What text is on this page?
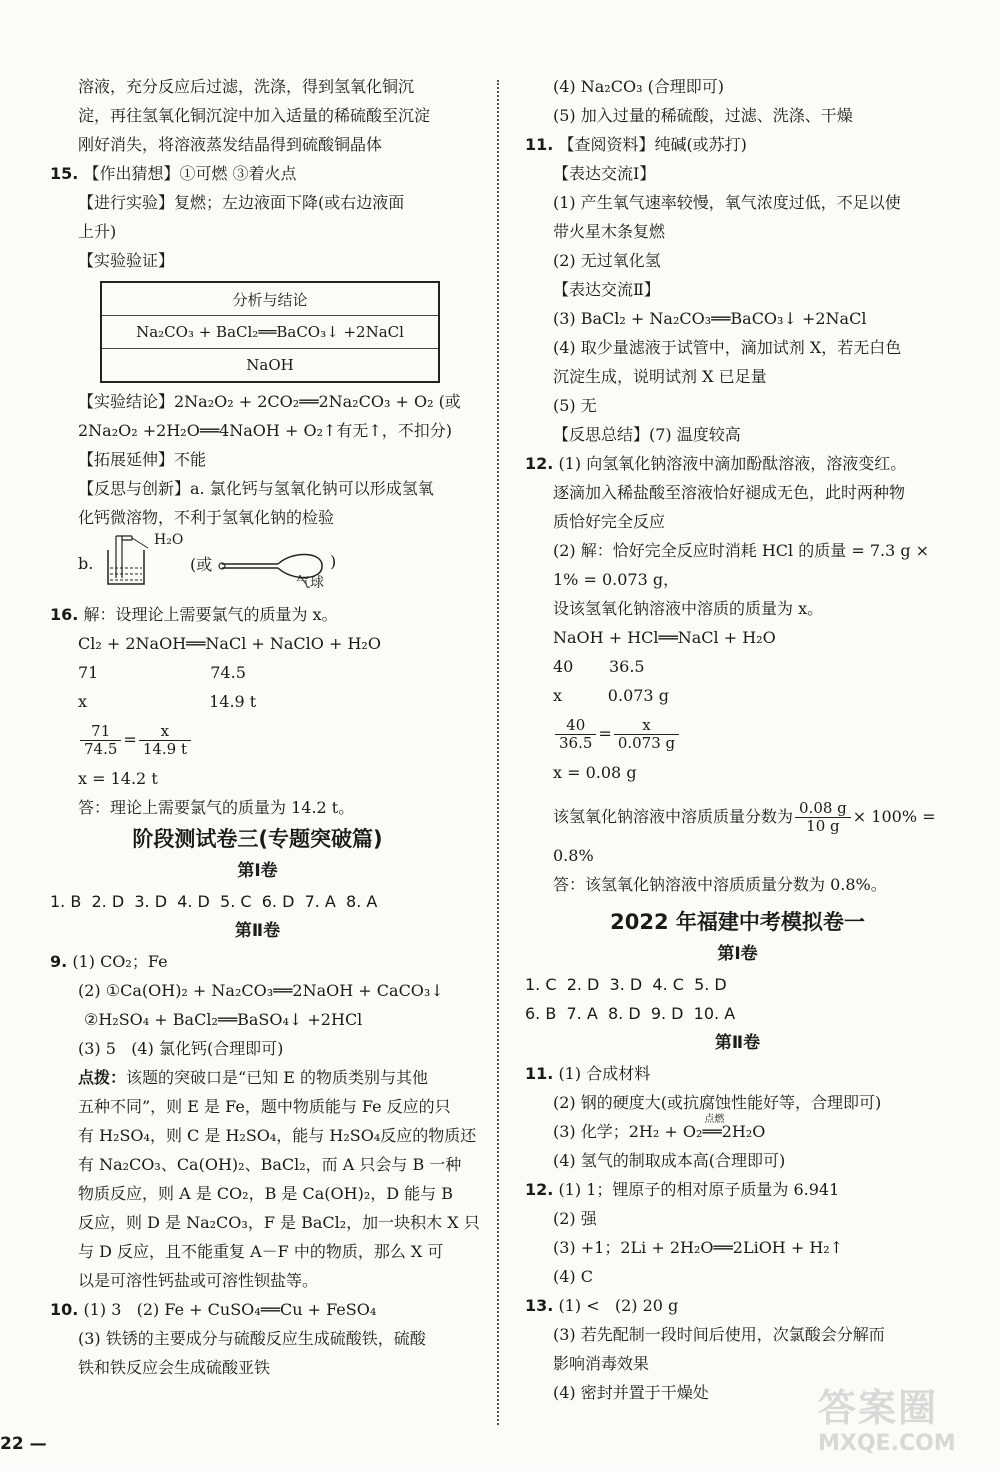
溶液，充分反应后过滤，洗涤，得到氢氧化铜沉
淀，再往氢氧化铜沉淀中加入适量的稀硫酸至沉淀
刚好消失，将溶液蒸发结晶得到硫酸铜晶体
15. 【作出猜想】①可燃 ③着火点
【进行实验】复燃；左边液面下降(或右边液面
上升)
【实验验证】
分析与结论
Na₂CO₃ + BaCl₂══BaCO₃↓ +2NaCl
NaOH
【实验结论】2Na₂O₂ + 2CO₂══2Na₂CO₃ + O₂ (或
2Na₂O₂ +2H₂O══4NaOH + O₂↑有无↑，不扣分)
【拓展延伸】不能
【反思与创新】a. 氯化钙与氢氧化钠可以形成氢氧
化钙微溶物，不利于氢氧化钠的检验
b.
H₂O
(或	)
气球
16. 解：设理论上需要氯气的质量为 x。
Cl₂ + 2NaOH══NaCl + NaClO + H₂O
71                      74.5
x                        14.9 t
$\frac{71}{74.5} = \frac{x}{14.9 t}$
x = 14.2 t
答：理论上需要氯气的质量为 14.2 t。
阶段测试卷三(专题突破篇)
第Ⅰ卷
1. B  2. D  3. D  4. D  5. C  6. D  7. A  8. A
第Ⅱ卷
9. (1) CO₂；Fe
(2) ①Ca(OH)₂ + Na₂CO₃══2NaOH + CaCO₃↓
②H₂SO₄ + BaCl₂══BaSO₄↓ +2HCl
(3) 5   (4) 氯化钙(合理即可)
点拨：该题的突破口是“已知 E 的物质类别与其他
五种不同”，则 E 是 Fe，题中物质能与 Fe 反应的只
有 H₂SO₄，则 C 是 H₂SO₄，能与 H₂SO₄反应的物质还
有 Na₂CO₃、Ca(OH)₂、BaCl₂，而 A 只会与 B 一种
物质反应，则 A 是 CO₂，B 是 Ca(OH)₂，D 能与 B
反应，则 D 是 Na₂CO₃，F 是 BaCl₂，加一块积木 X 只
与 D 反应，且不能重复 A－F 中的物质，那么 X 可
以是可溶性钙盐或可溶性钡盐等。
10. (1) 3   (2) Fe + CuSO₄══Cu + FeSO₄
(3) 铁锈的主要成分与硫酸反应生成硫酸铁，硫酸
铁和铁反应会生成硫酸亚铁
(4) Na₂CO₃ (合理即可)
(5) 加入过量的稀硫酸，过滤、洗涤、干燥
11. 【查阅资料】纯碱(或苏打)
【表达交流Ⅰ】
(1) 产生氧气速率较慢，氧气浓度过低，不足以使
带火星木条复燃
(2) 无过氧化氢
【表达交流Ⅱ】
(3) BaCl₂ + Na₂CO₃══BaCO₃↓ +2NaCl
(4) 取少量滤液于试管中，滴加试剂 X，若无白色
沉淀生成，说明试剂 X 已足量
(5) 无
【反思总结】(7) 温度较高
12. (1) 向氢氧化钠溶液中滴加酚酞溶液，溶液变红。
逐滴加入稀盐酸至溶液恰好褪成无色，此时两种物
质恰好完全反应
(2) 解：恰好完全反应时消耗 HCl 的质量 = 7.3 g ×
1% = 0.073 g，
设该氢氧化钠溶液中溶质的质量为 x。
NaOH + HCl══NaCl + H₂O
40       36.5
x         0.073 g
$\frac{40}{36.5} = \frac{x}{0.073 g}$
x = 0.08 g
该氢氧化钠溶液中溶质质量分数为 $\frac{0.08 g}{10 g} \times 100\%$ =
0.8%
答：该氢氧化钠溶液中溶质质量分数为 0.8%。
2022 年福建中考模拟卷一
第Ⅰ卷
1. C  2. D  3. D  4. C  5. D
6. B  7. A  8. D  9. D  10. A
第Ⅱ卷
11. (1) 合成材料
(2) 钢的硬度大(或抗腐蚀性能好等，合理即可)
(3) 化学；2H₂ + O₂
点燃
══2H₂O
(4) 氢气的制取成本高(合理即可)
12. (1) 1；锂原子的相对原子质量为 6.941
(2) 强
(3) +1；2Li + 2H₂O══2LiOH + H₂↑
(4) C
13. (1) <   (2) 20 g
(3) 若先配制一段时间后使用，次氯酸会分解而
影响消毒效果
(4) 密封并置于干燥处
22 —
答案圈
MXQE.COM
